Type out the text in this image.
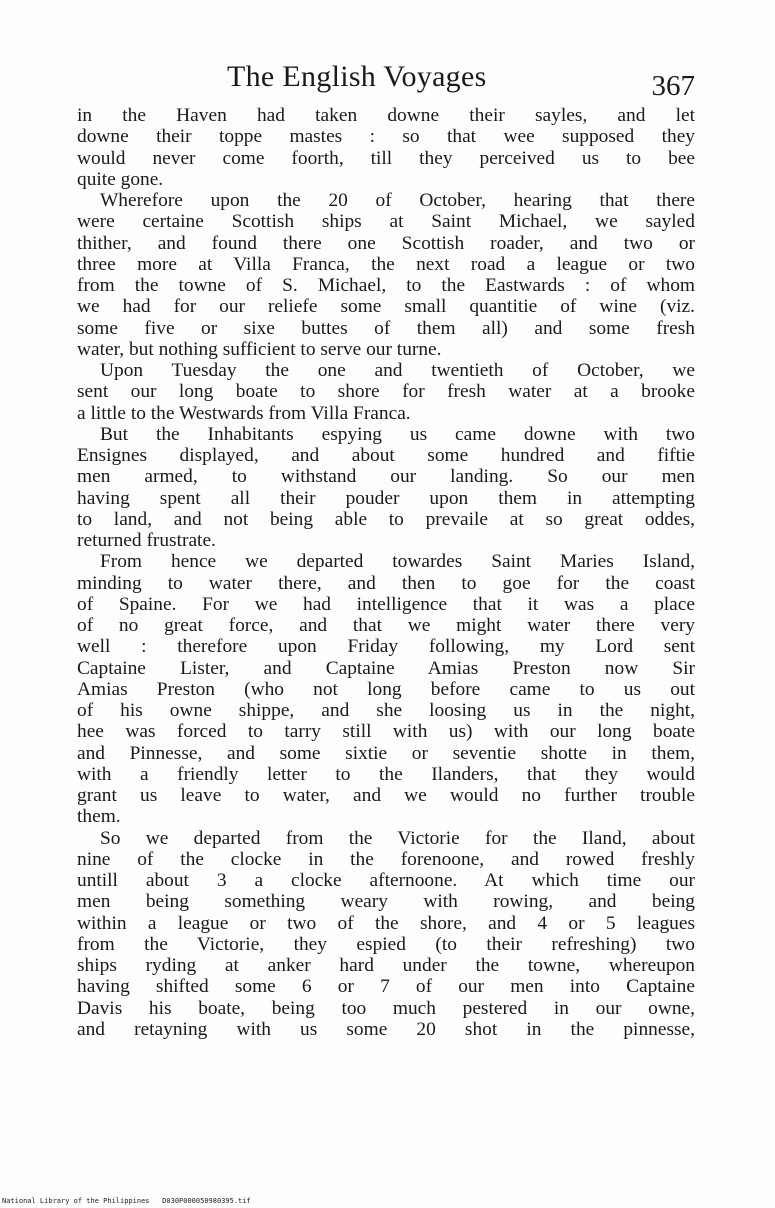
The English Voyages	367
in the Haven had taken downe their sayles, and let
downe their toppe mastes : so that wee supposed they
would never come foorth, till they perceived us to bee
quite gone.
Wherefore upon the 20 of October, hearing that there
were certaine Scottish ships at Saint Michael, we sayled
thither, and found there one Scottish roader, and two or
three more at Villa Franca, the next road a league or two
from the towne of S. Michael, to the Eastwards : of whom
we had for our reliefe some small quantitie of wine (viz.
some five or sixe buttes of them all) and some fresh
water, but nothing sufficient to serve our turne.
Upon Tuesday the one and twentieth of October, we
sent our long boate to shore for fresh water at a brooke
a little to the Westwards from Villa Franca.
But the Inhabitants espying us came downe with two
Ensignes displayed, and about some hundred and fiftie
men armed, to withstand our landing. So our men
having spent all their pouder upon them in attempting
to land, and not being able to prevaile at so great oddes,
returned frustrate.
From hence we departed towardes Saint Maries Island,
minding to water there, and then to goe for the coast
of Spaine. For we had intelligence that it was a place
of no great force, and that we might water there very
well : therefore upon Friday following, my Lord sent
Captaine Lister, and Captaine Amias Preston now Sir
Amias Preston (who not long before came to us out
of his owne shippe, and she loosing us in the night,
hee was forced to tarry still with us) with our long boate
and Pinnesse, and some sixtie or seventie shotte in them,
with a friendly letter to the Ilanders, that they would
grant us leave to water, and we would no further trouble
them.
So we departed from the Victorie for the Iland, about
nine of the clocke in the forenoone, and rowed freshly
untill about 3 a clocke afternoone. At which time our
men being something weary with rowing, and being
within a league or two of the shore, and 4 or 5 leagues
from the Victorie, they espied (to their refreshing) two
ships ryding at anker hard under the towne, whereupon
having shifted some 6 or 7 of our men into Captaine
Davis his boate, being too much pestered in our owne,
and retayning with us some 20 shot in the pinnesse,
National Library of the Philippines D030P000050980395.tif
